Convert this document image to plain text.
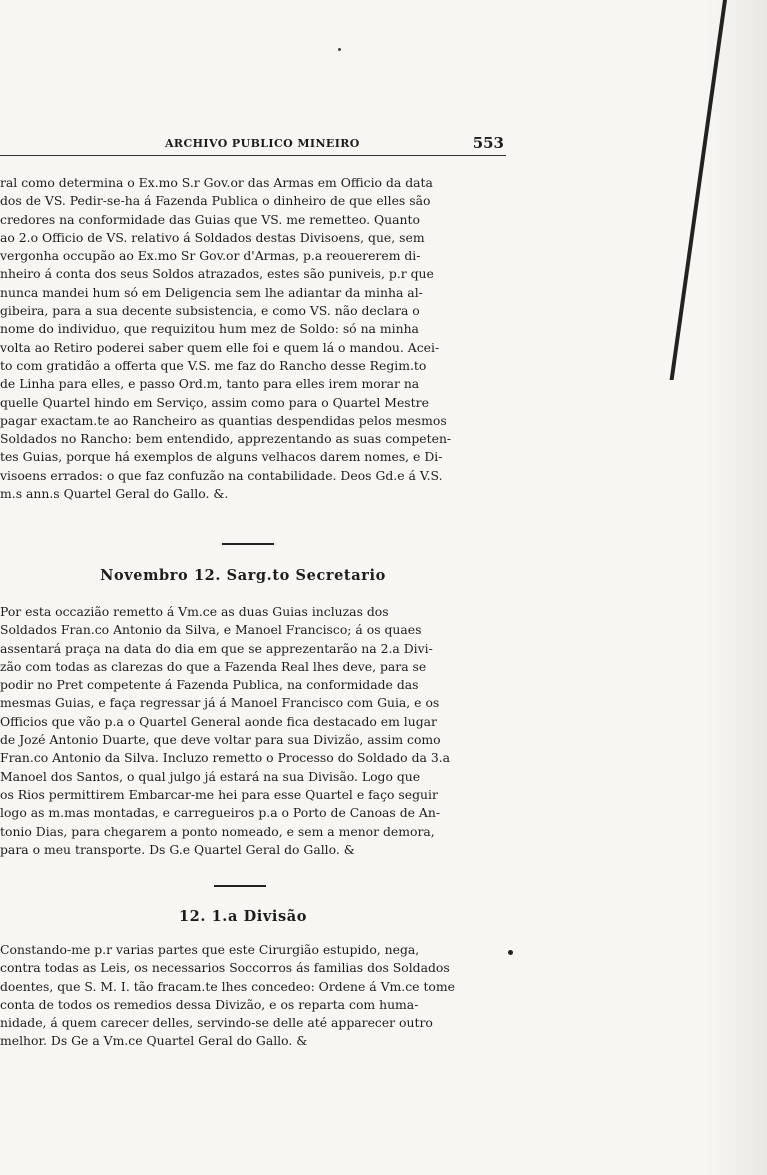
ARCHIVO PUBLICO MINEIRO	553
ral como determina o Ex.mo S.r Gov.or das Armas em Officio da data
dos de VS. Pedir-se-ha á Fazenda Publica o dinheiro de que elles são
credores na conformidade das Guias que VS. me remetteo. Quanto
ao 2.o Officio de VS. relativo á Soldados destas Divisoens, que, sem
vergonha occupão ao Ex.mo Sr Gov.or d'Armas, p.a reouererem di-
nheiro á conta dos seus Soldos atrazados, estes são puniveis, p.r que
nunca mandei hum só em Deligencia sem lhe adiantar da minha al-
gibeira, para a sua decente subsistencia, e como VS. não declara o
nome do individuo, que requizitou hum mez de Soldo: só na minha
volta ao Retiro poderei saber quem elle foi e quem lá o mandou. Acei-
to com gratidão a offerta que V.S. me faz do Rancho desse Regim.to
de Linha para elles, e passo Ord.m, tanto para elles irem morar na
quelle Quartel hindo em Serviço, assim como para o Quartel Mestre
pagar exactam.te ao Rancheiro as quantias despendidas pelos mesmos
Soldados no Rancho: bem entendido, apprezentando as suas competen-
tes Guias, porque há exemplos de alguns velhacos darem nomes, e Di-
visoens errados: o que faz confuzão na contabilidade. Deos Gd.e á V.S.
m.s ann.s Quartel Geral do Gallo. &.
Novembro 12. Sarg.to Secretario
Por esta occazião remetto á Vm.ce as duas Guias incluzas dos
Soldados Fran.co Antonio da Silva, e Manoel Francisco; á os quaes
assentará praça na data do dia em que se apprezentarão na 2.a Divi-
zão com todas as clarezas do que a Fazenda Real lhes deve, para se
podir no Pret competente á Fazenda Publica, na conformidade das
mesmas Guias, e faça regressar já á Manoel Francisco com Guia, e os
Officios que vão p.a o Quartel General aonde fica destacado em lugar
de Jozé Antonio Duarte, que deve voltar para sua Divizão, assim como
Fran.co Antonio da Silva. Incluzo remetto o Processo do Soldado da 3.a
Manoel dos Santos, o qual julgo já estará na sua Divisão. Logo que
os Rios permittirem Embarcar-me hei para esse Quartel e faço seguir
logo as m.mas montadas, e carregueiros p.a o Porto de Canoas de An-
tonio Dias, para chegarem a ponto nomeado, e sem a menor demora,
para o meu transporte. Ds G.e Quartel Geral do Gallo. &
12. 1.a Divisão
Constando-me p.r varias partes que este Cirurgião estupido, nega,
contra todas as Leis, os necessarios Soccorros ás familias dos Soldados
doentes, que S. M. I. tão fracam.te lhes concedeo: Ordene á Vm.ce tome
conta de todos os remedios dessa Divizão, e os reparta com huma-
nidade, á quem carecer delles, servindo-se delle até apparecer outro
melhor. Ds Ge a Vm.ce Quartel Geral do Gallo. &
